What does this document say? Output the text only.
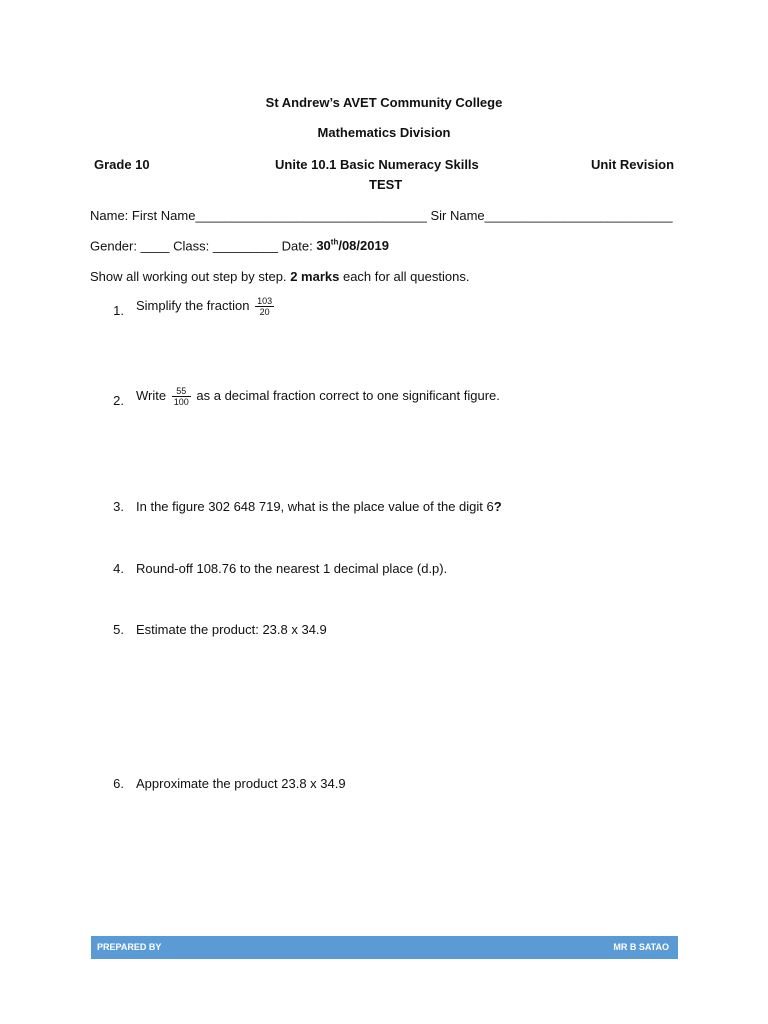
St Andrew’s AVET Community College
Mathematics Division
Grade 10	Unite 10.1 Basic Numeracy Skills	Unit Revision
TEST
Name: First Name________________________________ Sir Name__________________________
Gender: ____ Class: _________ Date: 30th/08/2019
Show all working out step by step. 2 marks each for all questions.
1. Simplify the fraction $\frac{103}{20}$
2. Write $\frac{55}{100}$ as a decimal fraction correct to one significant figure.
3. In the figure 302 648 719, what is the place value of the digit 6?
4. Round-off 108.76 to the nearest 1 decimal place (d.p).
5. Estimate the product: 23.8 x 34.9
6. Approximate the product 23.8 x 34.9
PREPARED BY	MR B SATAO
